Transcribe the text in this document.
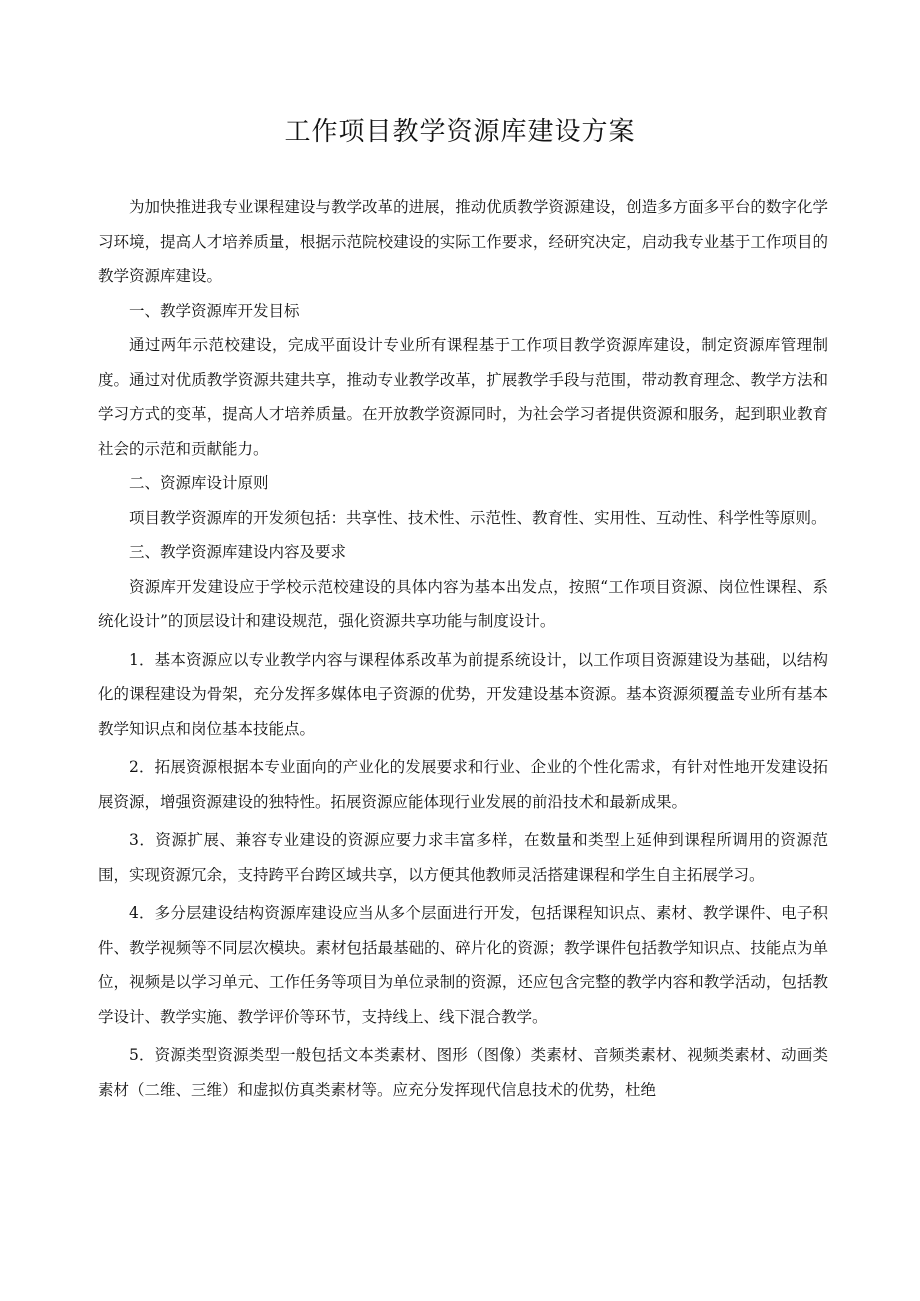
工作项目教学资源库建设方案

为加快推进我专业课程建设与教学改革的进展，推动优质教学资源建设，创造多方面多平台的数字化学习环境，提高人才培养质量，根据示范院校建设的实际工作要求，经研究决定，启动我专业基于工作项目的教学资源库建设。

一、教学资源库开发目标

通过两年示范校建设，完成平面设计专业所有课程基于工作项目教学资源库建设，制定资源库管理制度。通过对优质教学资源共建共享，推动专业教学改革，扩展教学手段与范围，带动教育理念、教学方法和学习方式的变革，提高人才培养质量。在开放教学资源同时，为社会学习者提供资源和服务，起到职业教育社会的示范和贡献能力。

二、资源库设计原则

项目教学资源库的开发须包括：共享性、技术性、示范性、教育性、实用性、互动性、科学性等原则。

三、教学资源库建设内容及要求

资源库开发建设应于学校示范校建设的具体内容为基本出发点，按照“工作项目资源、岗位性课程、系统化设计”的顶层设计和建设规范，强化资源共享功能与制度设计。

1．基本资源应以专业教学内容与课程体系改革为前提系统设计，以工作项目资源建设为基础，以结构化的课程建设为骨架，充分发挥多媒体电子资源的优势，开发建设基本资源。基本资源须覆盖专业所有基本教学知识点和岗位基本技能点。

2．拓展资源根据本专业面向的产业化的发展要求和行业、企业的个性化需求，有针对性地开发建设拓展资源，增强资源建设的独特性。拓展资源应能体现行业发展的前沿技术和最新成果。

3．资源扩展、兼容专业建设的资源应要力求丰富多样，在数量和类型上延伸到课程所调用的资源范围，实现资源冗余，支持跨平台跨区域共享，以方便其他教师灵活搭建课程和学生自主拓展学习。

4．多分层建设结构资源库建设应当从多个层面进行开发，包括课程知识点、素材、教学课件、电子积件、教学视频等不同层次模块。素材包括最基础的、碎片化的资源；教学课件包括教学知识点、技能点为单位，视频是以学习单元、工作任务等项目为单位录制的资源，还应包含完整的教学内容和教学活动，包括教学设计、教学实施、教学评价等环节，支持线上、线下混合教学。

5．资源类型资源类型一般包括文本类素材、图形（图像）类素材、音频类素材、视频类素材、动画类素材（二维、三维）和虚拟仿真类素材等。应充分发挥现代信息技术的优势，杜绝
